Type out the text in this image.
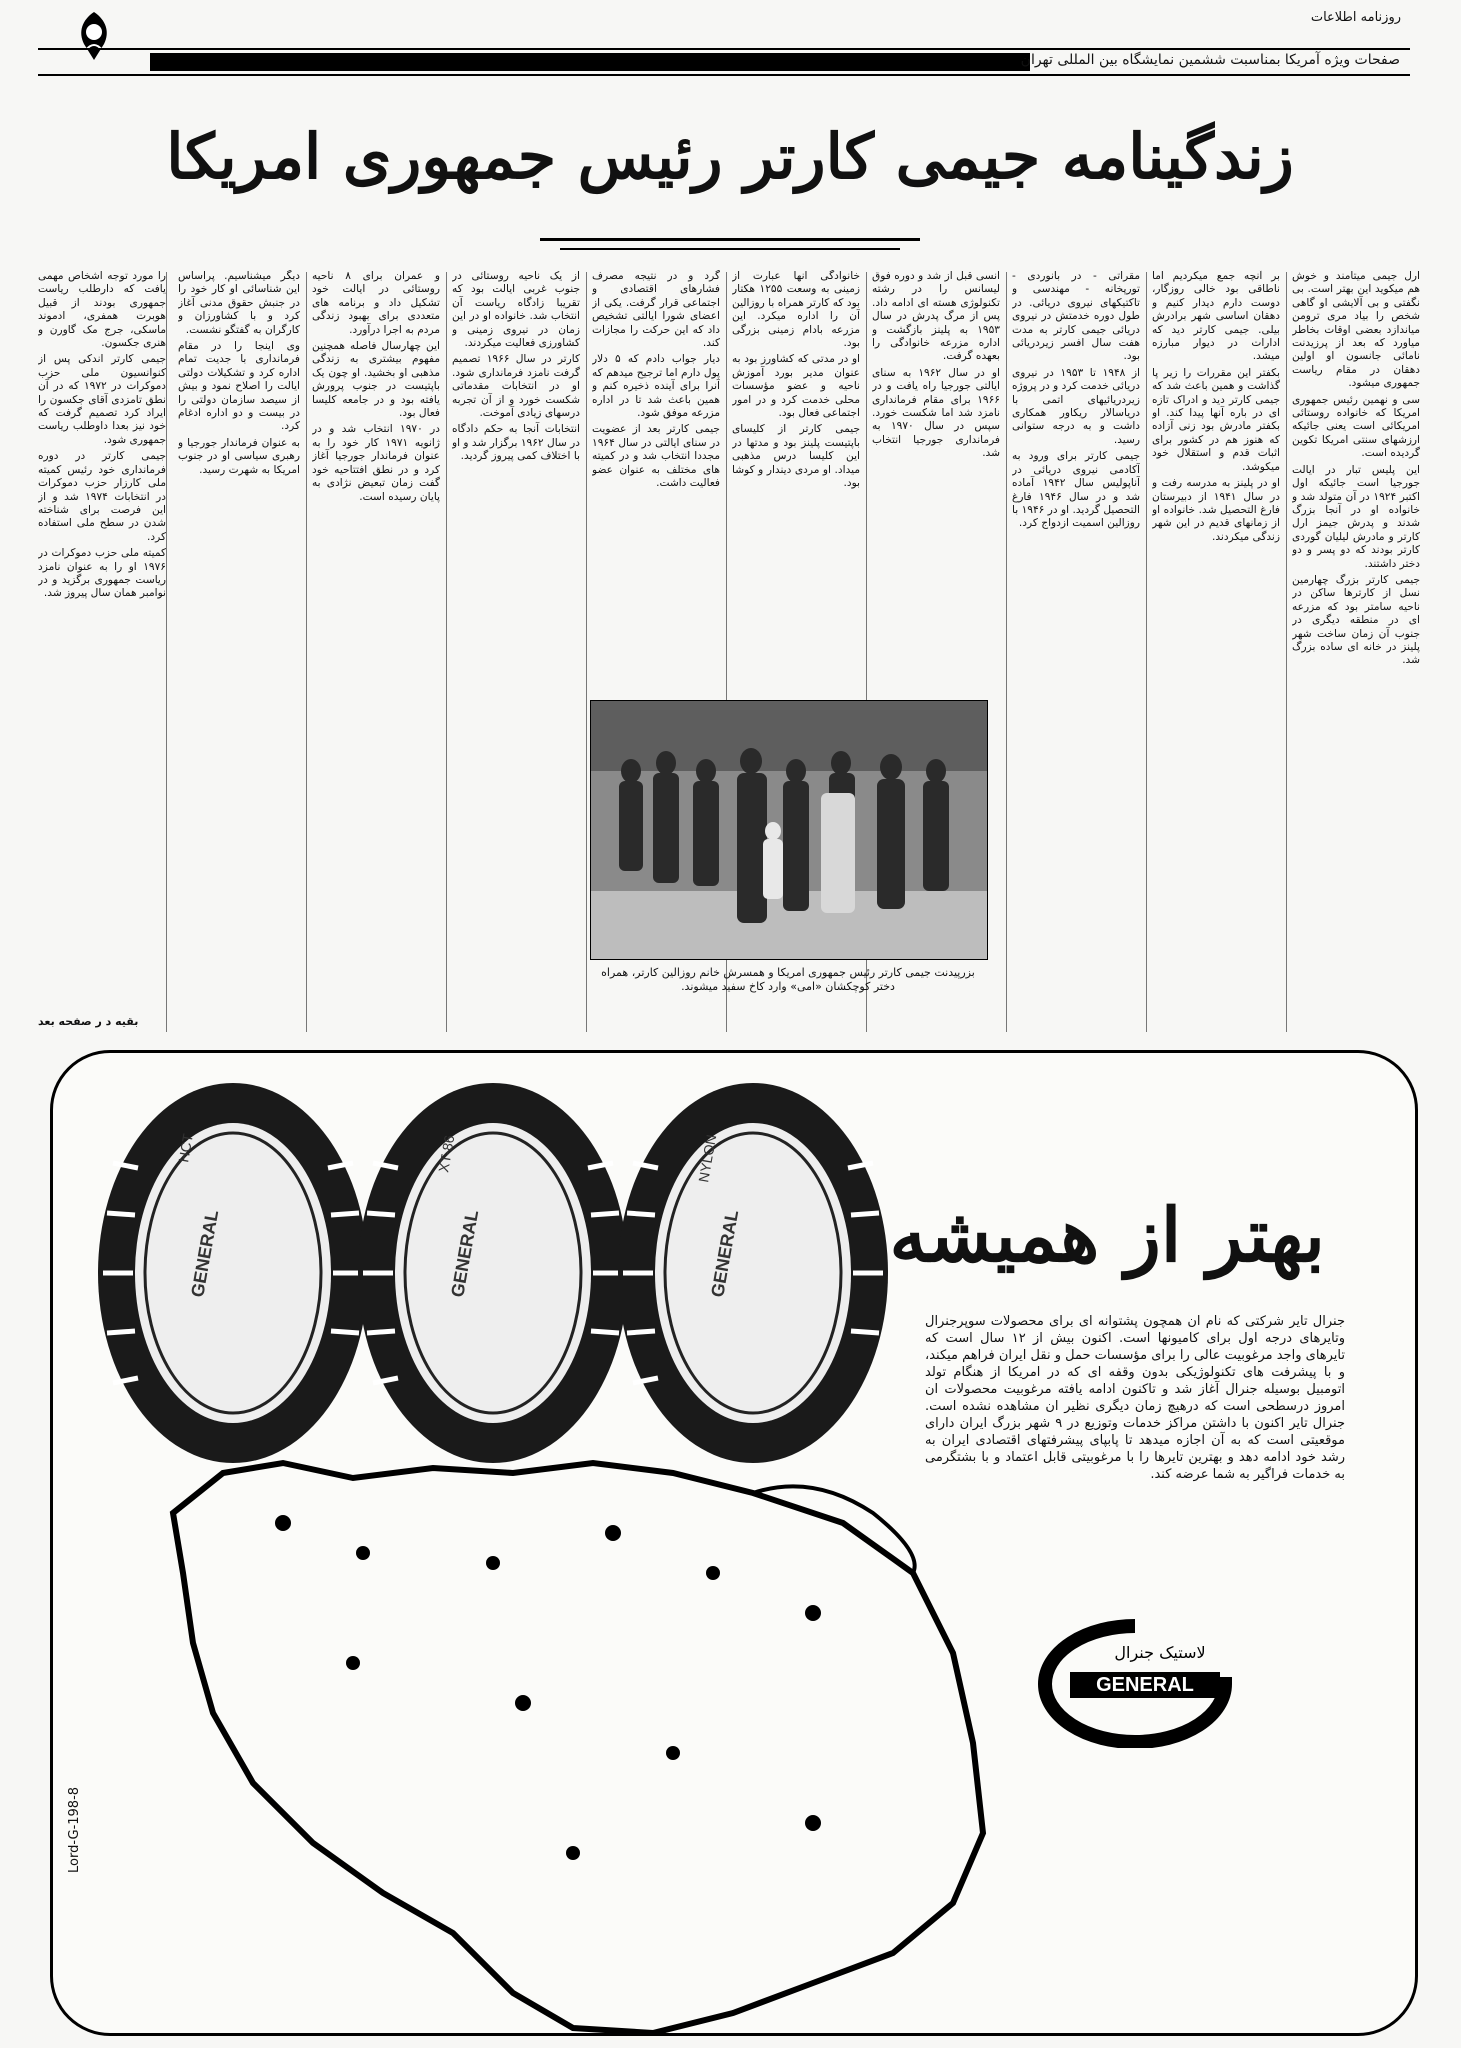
روزنامه اطلاعات
صفحات ویژه آمریکا بمناسبت ششمین نمایشگاه بین المللی تهران
زندگینامه جیمی کارتر رئیس جمهوری امریکا

ارل جیمی میتامند و خوش هم میکوید این بهتر است. بی نگفتی و بی آلایشی او گاهی شخص را بیاد مری ترومن میاندازد بعضی اوقات بخاطر میاورد که بعد از پرزیدنت نامائی جانسون او اولین دهقان در مقام ریاست جمهوری میشود.

سی و نهمین رئیس جمهوری امریکا که خانواده روستائی امریکائی است یعنی جائیکه ارزشهای سنتی امریکا تکوین گردیده است.

این پلیس تبار در ایالت جورجیا است جائیکه اول اکتبر ۱۹۲۴ در آن متولد شد و خانواده او در آنجا بزرگ شدند و پدرش جیمز ارل کارتر و مادرش لیلیان گوردی کارتر بودند که دو پسر و دو دختر داشتند.

جیمی کارتر بزرگ چهارمین نسل از کارترها ساکن در ناحیه سامتر بود که مزرعه ای در منطقه دیگری در جنوب آن زمان ساخت شهر پلینز در خانه ای ساده بزرگ شد.

بر آنچه جمع میکردیم اما ناطاقی بود خالی روزگار، دوست دارم دیدار کنیم و دهقان اساسی شهر برادرش بیلی. جیمی کارتر دید که ادارات در دیوار مبارزه میشد.

بکفتر این مقررات را زیر پا گذاشت و همین باعث شد که جیمی کارتر دید و ادراک تازه ای در باره آنها پیدا کند. او بکفتر مادرش بود زنی آزاده که هنوز هم در کشور برای اثبات قدم و استقلال خود میکوشد.

او در پلینز به مدرسه رفت و در سال ۱۹۴۱ از دبیرستان فارغ التحصیل شد. خانواده او از زمانهای قدیم در این شهر زندگی میکردند.

مقراتی - در بانوردی - تورپخانه - مهندسی و تاکتیکهای نیروی دریائی. در طول دوره خدمتش در نیروی دریائی جیمی کارتر به مدت هفت سال افسر زیردریائی بود.

از ۱۹۴۸ تا ۱۹۵۳ در نیروی دریائی خدمت کرد و در پروژه زیردریائیهای اتمی با دریاسالار ریکاور همکاری داشت و به درجه ستوانی رسید.

جیمی کارتر برای ورود به آکادمی نیروی دریائی در آناپولیس سال ۱۹۴۲ آماده شد و در سال ۱۹۴۶ فارغ التحصیل گردید. او در ۱۹۴۶ با روزالین اسمیت ازدواج کرد.

انسی قبل از شد و دوره فوق لیسانس را در رشته تکنولوژی هسته ای ادامه داد. پس از مرگ پدرش در سال ۱۹۵۳ به پلینز بازگشت و اداره مزرعه خانوادگی را بعهده گرفت.

او در سال ۱۹۶۲ به سنای ایالتی جورجیا راه یافت و در ۱۹۶۶ برای مقام فرمانداری نامزد شد اما شکست خورد. سپس در سال ۱۹۷۰ به فرمانداری جورجیا انتخاب شد.

خانوادگی انها عبارت از زمینی به وسعت ۱۲۵۵ هکتار بود که کارتر همراه با روزالین آن را اداره میکرد. این مزرعه بادام زمینی بزرگی بود.

او در مدتی که کشاورز بود به عنوان مدیر بورد آموزش ناحیه و عضو مؤسسات محلی خدمت کرد و در امور اجتماعی فعال بود.

جیمی کارتر از کلیسای باپتیست پلینز بود و مدتها در این کلیسا درس مذهبی میداد. او مردی دیندار و کوشا بود.

گرد و در نتیجه مصرف فشارهای اقتصادی و اجتماعی قرار گرفت. یکی از اعضای شورا ایالتی تشخیص داد که این حرکت را مجازات کند.

دیار جواب دادم که ۵ دلار پول دارم اما ترجیح میدهم که آنرا برای آینده ذخیره کنم و همین باعث شد تا در اداره مزرعه موفق شود.

جیمی کارتر بعد از عضویت در سنای ایالتی در سال ۱۹۶۴ مجددا انتخاب شد و در کمیته های مختلف به عنوان عضو فعالیت داشت.

از یک ناحیه روستائی در جنوب غربی ایالت بود که تقریبا زادگاه ریاست آن انتخاب شد. خانواده او در این زمان در نیروی زمینی و کشاورزی فعالیت میکردند.

کارتر در سال ۱۹۶۶ تصمیم گرفت نامزد فرمانداری شود. او در انتخابات مقدماتی شکست خورد و از آن تجربه درسهای زیادی آموخت.

انتخابات آنجا به حکم دادگاه در سال ۱۹۶۲ برگزار شد و او با اختلاف کمی پیروز گردید.

و عمران برای ۸ ناحیه روستائی در ایالت خود تشکیل داد و برنامه های متعددی برای بهبود زندگی مردم به اجرا درآورد.

این چهارسال فاصله همچنین مفهوم بیشتری به زندگی مذهبی او بخشید. او چون یک باپتیست در جنوب پرورش یافته بود و در جامعه کلیسا فعال بود.

در ۱۹۷۰ انتخاب شد و در ژانویه ۱۹۷۱ کار خود را به عنوان فرماندار جورجیا آغاز کرد و در نطق افتتاحیه خود گفت زمان تبعیض نژادی به پایان رسیده است.

دیگر میشناسیم. پراساس این شناسائی او کار خود را در جنبش حقوق مدنی آغاز کرد و با کشاورزان و کارگران به گفتگو نشست.

وی اینجا را در مقام فرمانداری با جدیت تمام اداره کرد و تشکیلات دولتی ایالت را اصلاح نمود و بیش از سیصد سازمان دولتی را در بیست و دو اداره ادغام کرد.

به عنوان فرماندار جورجیا و رهبری سیاسی او در جنوب امریکا به شهرت رسید.

را مورد توجه اشخاص مهمی یافت که دارطلب ریاست جمهوری بودند از قبیل هوبرت همفری، ادموند ماسکی، جرج مک گاورن و هنری جکسون.

جیمی کارتر اندکی پس از کنوانسیون ملی حزب دموکرات در ۱۹۷۲ که در آن نطق تامزدی آقای جکسون را ایراد کرد تصمیم گرفت که خود نیز بعدا داوطلب ریاست جمهوری شود.

جیمی کارتر در دوره فرمانداری خود رئیس کمیته ملی کارزار حزب دموکرات در انتخابات ۱۹۷۴ شد و از این فرصت برای شناخته شدن در سطح ملی استفاده کرد.

کمیته ملی حزب دموکرات در ۱۹۷۶ او را به عنوان نامزد ریاست جمهوری برگزید و در نوامبر همان سال پیروز شد.

بزرپیدنت جیمی کارتر رئیس جمهوری امریکا و همسرش خانم روزالین کارتر، همراه دختر کوچکشان «امی» وارد کاخ سفید میشوند.
بقیه د ر صفحه بعد
GENERAL
HCT
GENERAL
XT-86
GENERAL
NYLON
بهتر از همیشه
جنرال تایر شرکتی که نام ان همچون پشتوانه ای برای محصولات سوپرجنرال وتایرهای درجه اول برای کامیونها است. اکنون بیش از ۱۲ سال است که تایرهای واجد مرغوبیت عالی را برای مؤسسات حمل و نقل ایران فراهم میکند، و با پیشرفت های تکنولوژیکی بدون وقفه ای که در امریکا از هنگام تولد اتومبیل بوسیله جنرال آغاز شد و تاکنون ادامه یافته مرغوبیت محصولات ان امروز درسطحی است که درهیچ زمان دیگری نظیر ان مشاهده نشده است. جنرال تایر اکنون با داشتن مراکز خدمات وتوزیع در ۹ شهر بزرگ ایران دارای موقعیتی است که به آن اجازه میدهد تا پابپای پیشرفتهای اقتصادی ایران به رشد خود ادامه دهد و بهترین تایرها را با مرغوبیتی قابل اعتماد و با بشتگرمی به خدمات فراگیر به شما عرضه کند.
GENERAL
لاستیک جنرال
Lord-G-198-8
